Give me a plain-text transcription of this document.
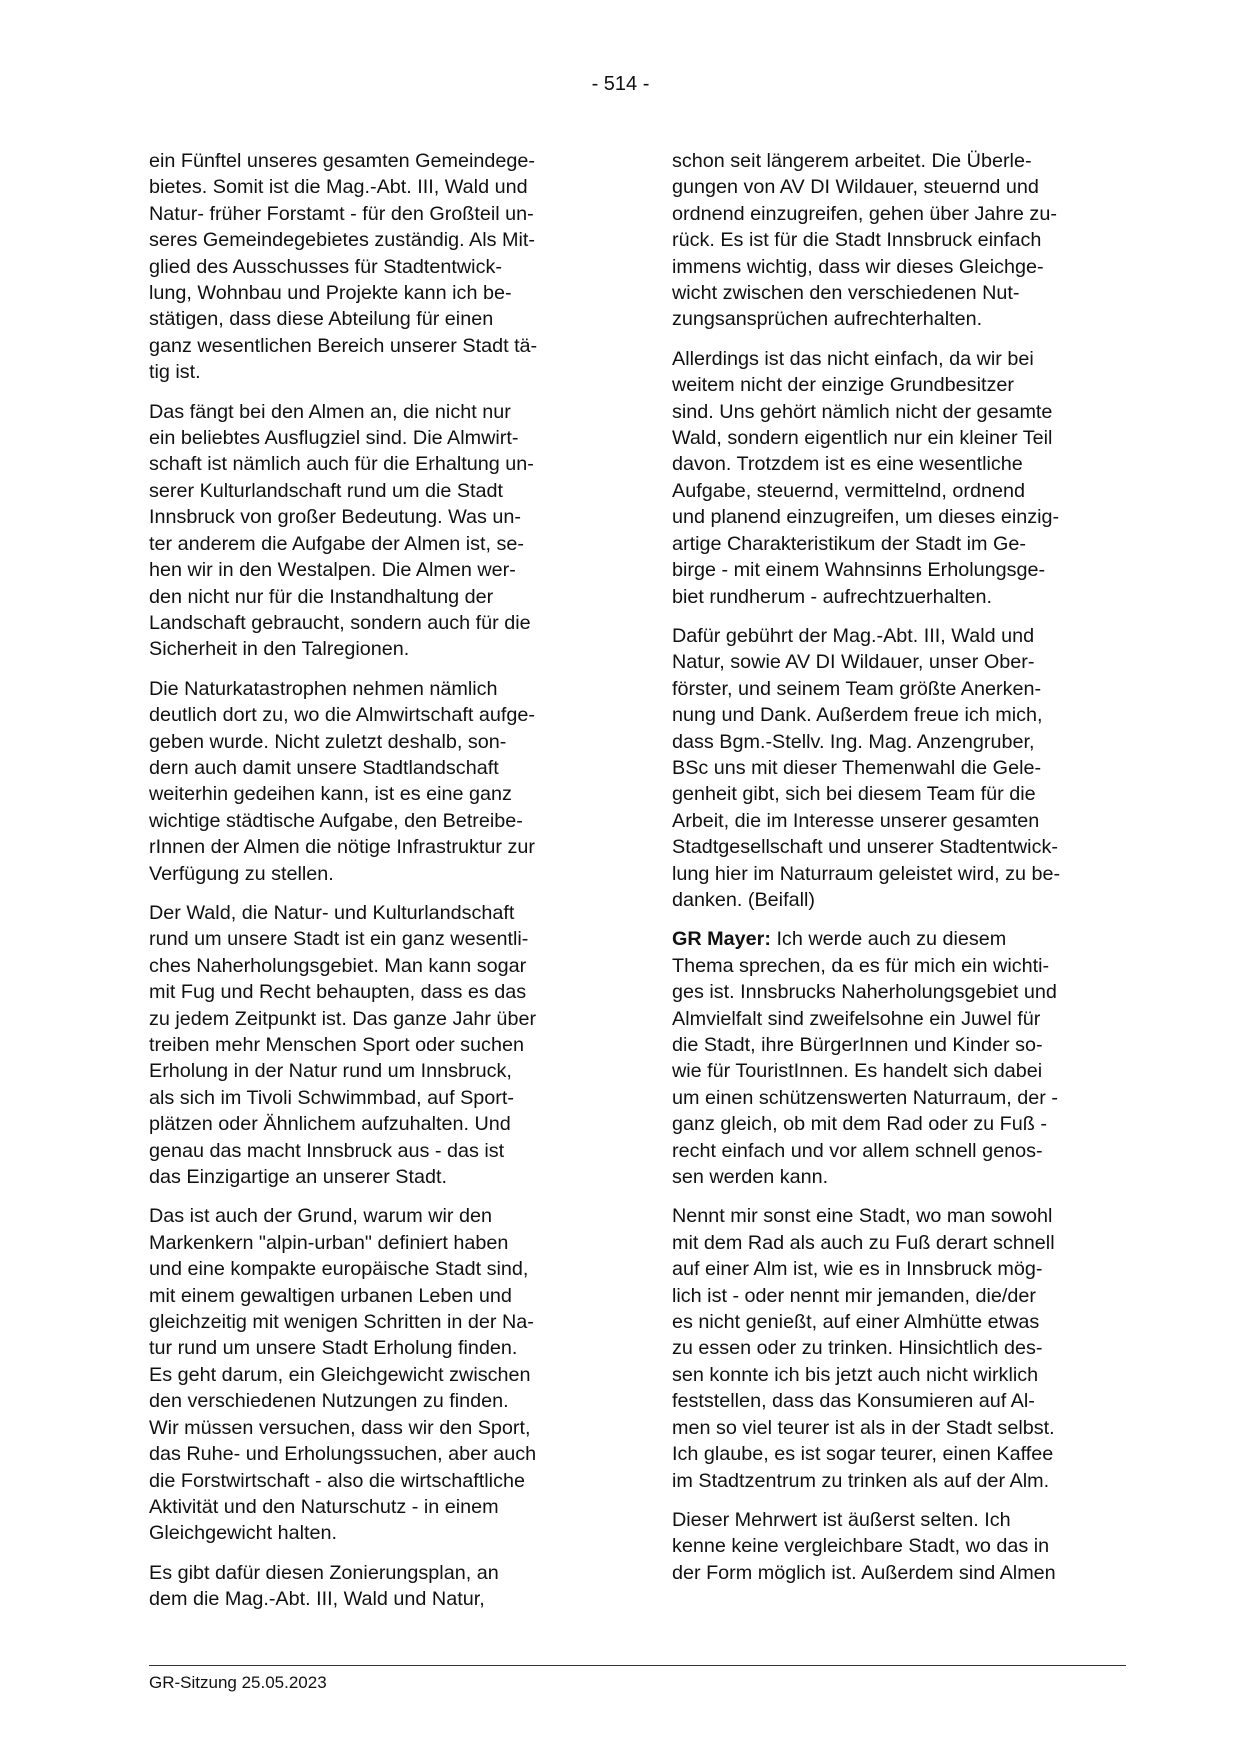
- 514 -

ein Fünftel unseres gesamten Gemeindege-
bietes. Somit ist die Mag.-Abt. III, Wald und
Natur- früher Forstamt - für den Großteil un-
seres Gemeindegebietes zuständig. Als Mit-
glied des Ausschusses für Stadtentwick-
lung, Wohnbau und Projekte kann ich be-
stätigen, dass diese Abteilung für einen
ganz wesentlichen Bereich unserer Stadt tä-
tig ist.

Das fängt bei den Almen an, die nicht nur
ein beliebtes Ausflugziel sind. Die Almwirt-
schaft ist nämlich auch für die Erhaltung un-
serer Kulturlandschaft rund um die Stadt
Innsbruck von großer Bedeutung. Was un-
ter anderem die Aufgabe der Almen ist, se-
hen wir in den Westalpen. Die Almen wer-
den nicht nur für die Instandhaltung der
Landschaft gebraucht, sondern auch für die
Sicherheit in den Talregionen.

Die Naturkatastrophen nehmen nämlich
deutlich dort zu, wo die Almwirtschaft aufge-
geben wurde. Nicht zuletzt deshalb, son-
dern auch damit unsere Stadtlandschaft
weiterhin gedeihen kann, ist es eine ganz
wichtige städtische Aufgabe, den Betreibe-
rInnen der Almen die nötige Infrastruktur zur
Verfügung zu stellen.

Der Wald, die Natur- und Kulturlandschaft
rund um unsere Stadt ist ein ganz wesentli-
ches Naherholungsgebiet. Man kann sogar
mit Fug und Recht behaupten, dass es das
zu jedem Zeitpunkt ist. Das ganze Jahr über
treiben mehr Menschen Sport oder suchen
Erholung in der Natur rund um Innsbruck,
als sich im Tivoli Schwimmbad, auf Sport-
plätzen oder Ähnlichem aufzuhalten. Und
genau das macht Innsbruck aus - das ist
das Einzigartige an unserer Stadt.

Das ist auch der Grund, warum wir den
Markenkern "alpin-urban" definiert haben
und eine kompakte europäische Stadt sind,
mit einem gewaltigen urbanen Leben und
gleichzeitig mit wenigen Schritten in der Na-
tur rund um unsere Stadt Erholung finden.
Es geht darum, ein Gleichgewicht zwischen
den verschiedenen Nutzungen zu finden.
Wir müssen versuchen, dass wir den Sport,
das Ruhe- und Erholungssuchen, aber auch
die Forstwirtschaft - also die wirtschaftliche
Aktivität und den Naturschutz - in einem
Gleichgewicht halten.

Es gibt dafür diesen Zonierungsplan, an
dem die Mag.-Abt. III, Wald und Natur,

schon seit längerem arbeitet. Die Überle-
gungen von AV DI Wildauer, steuernd und
ordnend einzugreifen, gehen über Jahre zu-
rück. Es ist für die Stadt Innsbruck einfach
immens wichtig, dass wir dieses Gleichge-
wicht zwischen den verschiedenen Nut-
zungsansprüchen aufrechterhalten.

Allerdings ist das nicht einfach, da wir bei
weitem nicht der einzige Grundbesitzer
sind. Uns gehört nämlich nicht der gesamte
Wald, sondern eigentlich nur ein kleiner Teil
davon. Trotzdem ist es eine wesentliche
Aufgabe, steuernd, vermittelnd, ordnend
und planend einzugreifen, um dieses einzig-
artige Charakteristikum der Stadt im Ge-
birge - mit einem Wahnsinns Erholungsge-
biet rundherum - aufrechtzuerhalten.

Dafür gebührt der Mag.-Abt. III, Wald und
Natur, sowie AV DI Wildauer, unser Ober-
förster, und seinem Team größte Anerken-
nung und Dank. Außerdem freue ich mich,
dass Bgm.-Stellv. Ing. Mag. Anzengruber,
BSc uns mit dieser Themenwahl die Gele-
genheit gibt, sich bei diesem Team für die
Arbeit, die im Interesse unserer gesamten
Stadtgesellschaft und unserer Stadtentwick-
lung hier im Naturraum geleistet wird, zu be-
danken. (Beifall)

GR Mayer: Ich werde auch zu diesem
Thema sprechen, da es für mich ein wichti-
ges ist. Innsbrucks Naherholungsgebiet und
Almvielfalt sind zweifelsohne ein Juwel für
die Stadt, ihre BürgerInnen und Kinder so-
wie für TouristInnen. Es handelt sich dabei
um einen schützenswerten Naturraum, der -
ganz gleich, ob mit dem Rad oder zu Fuß -
recht einfach und vor allem schnell genos-
sen werden kann.

Nennt mir sonst eine Stadt, wo man sowohl
mit dem Rad als auch zu Fuß derart schnell
auf einer Alm ist, wie es in Innsbruck mög-
lich ist - oder nennt mir jemanden, die/der
es nicht genießt, auf einer Almhütte etwas
zu essen oder zu trinken. Hinsichtlich des-
sen konnte ich bis jetzt auch nicht wirklich
feststellen, dass das Konsumieren auf Al-
men so viel teurer ist als in der Stadt selbst.
Ich glaube, es ist sogar teurer, einen Kaffee
im Stadtzentrum zu trinken als auf der Alm.

Dieser Mehrwert ist äußerst selten. Ich
kenne keine vergleichbare Stadt, wo das in
der Form möglich ist. Außerdem sind Almen

GR-Sitzung 25.05.2023
